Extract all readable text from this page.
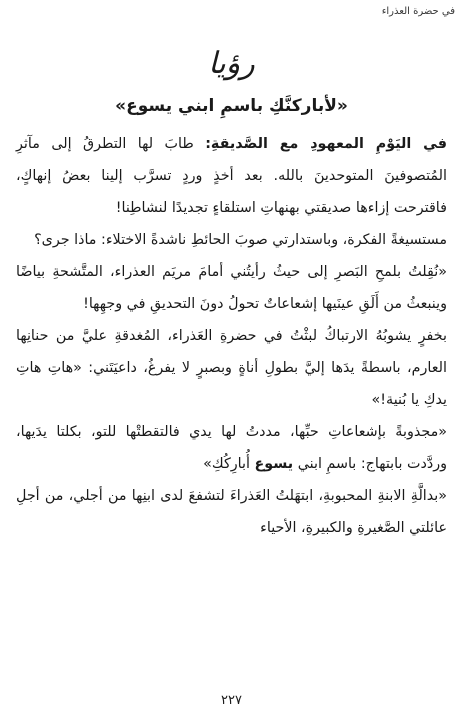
في حضرة العذراء
رؤيا
«لأباركنَّكِ باسمِ ابني يسوع»

في اليَوْمِ المعهودِ مع الصَّديقةِ: طابَ لها التطرقُ إلى مآثرِ المُتصوفينَ المتوحدينَ بالله. بعد أخذٍ وردٍ تسرَّب إلينا بعضُ إنهاكٍ، فاقترحت إزاءها صديقتي بهنهاتِ استلقاءٍ تجديدًا لنشاطِنا!

مستسيغةً الفكرة، وباستدارتي صوبَ الحائطِ ناشدةً الاختلاء: ماذا جرى؟

«نُقِلتُ بلمحِ البَصرِ إلى حيثُ رأيتُني أمامَ مريَم العذراء، المتَّشحةِ بياضًا وينبعثُ من أَلَقِ عينَيها إشعاعاتٌ تحولُ دونَ التحديقِ في وجهِها!

بخفرٍ يشوبُهُ الارتباكُ لبثْتُ في حضرةِ العَذراء، المُغدقةِ عليَّ من حنانِها العارم، باسطةً يدَها إليَّ بطولِ أناةٍ وبصبرٍ لا يفرغُ، داعيَتَني: «هاتِ هاتِ يدكِ يا بُنية!»

«مجذوبةً بإشعاعاتِ حبِّها، مددتُ لها يدي فالتقطتْها للتو، بكلتا يدَيها، وردَّدت بابتهاج: باسمِ ابني يسوع أُبارِكُكِ»

«بدالَّةِ الابنةِ المحبوبةِ، ابتهَلتُ العَذراءَ لتشفعَ لدى ابنِها من أجلي، من أجلِ عائلتي الصَّغيرةِ والكبيرةِ، الأحياء

٢٢٧
